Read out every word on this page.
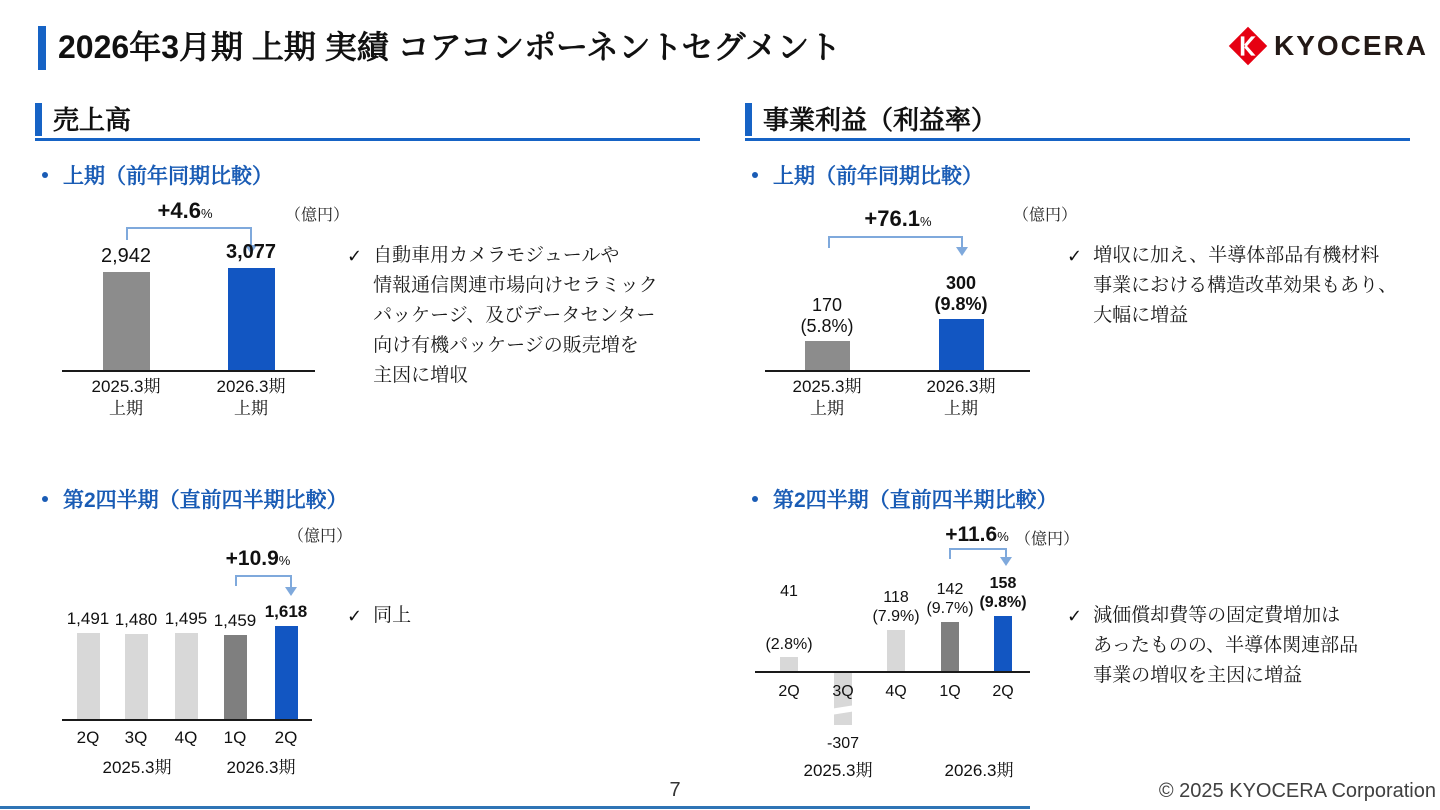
2026年3月期 上期 実績 コアコンポーネントセグメント	KYOCERA
売上高	事業利益（利益率）
上期（前年同期比較）	上期（前年同期比較）
第2四半期（直前四半期比較）	第2四半期（直前四半期比較）
（億円）
+4.6%
2,942
2025.3期
上期
3,077
2026.3期
上期
（億円）
+76.1%
170
(5.8%)
2025.3期
上期
300
(9.8%)
2026.3期
上期
（億円）
+10.9%
1,491
2Q
1,480
3Q
1,495
4Q
1,459
1Q
1,618
2Q
2025.3期	2026.3期
（億円）
+11.6%
41
(2.8%)
2Q
-307
3Q
118
(7.9%)
4Q
142
(9.7%)
1Q
158
(9.8%)
2Q
2025.3期	2026.3期
✓ 自動車用カメラモジュールや
情報通信関連市場向けセラミック
パッケージ、及びデータセンター
向け有機パッケージの販売増を
主因に増収
✓ 増収に加え、半導体部品有機材料
事業における構造改革効果もあり、
大幅に増益
✓ 同上	✓ 減価償却費等の固定費増加は
あったものの、半導体関連部品
事業の増収を主因に増益
7	© 2025 KYOCERA Corporation
